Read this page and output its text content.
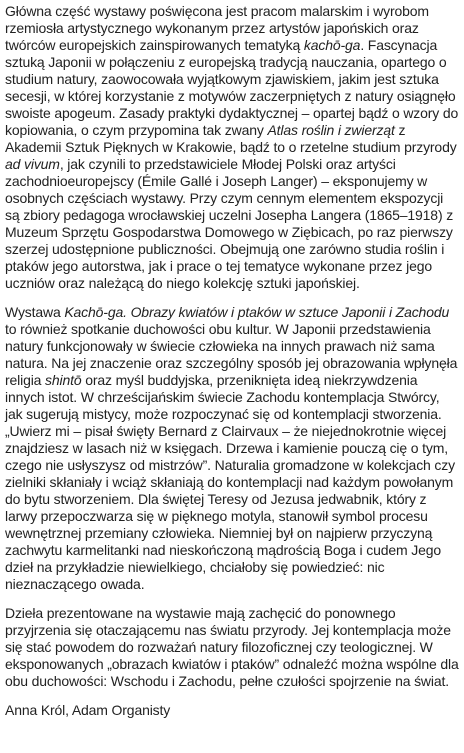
Główna część wystawy poświęcona jest pracom malarskim i wyrobom rzemiosła artystycznego wykonanym przez artystów japońskich oraz twórców europejskich zainspirowanych tematyką kachō-ga. Fascynacja sztuką Japonii w połączeniu z europejską tradycją nauczania, opartego o studium natury, zaowocowała wyjątkowym zjawiskiem, jakim jest sztuka secesji, w której korzystanie z motywów zaczerpniętych z natury osiągnęło swoiste apogeum. Zasady praktyki dydaktycznej – opartej bądź o wzory do kopiowania, o czym przypomina tak zwany Atlas roślin i zwierząt z Akademii Sztuk Pięknych w Krakowie, bądź to o rzetelne studium przyrody ad vivum, jak czynili to przedstawiciele Młodej Polski oraz artyści zachodnioeuropejscy (Émile Gallé i Joseph Langer) – eksponujemy w osobnych częściach wystawy. Przy czym cennym elementem ekspozycji są zbiory pedagoga wrocławskiej uczelni Josepha Langera (1865–1918) z Muzeum Sprzętu Gospodarstwa Domowego w Ziębicach, po raz pierwszy szerzej udostępnione publiczności. Obejmują one zarówno studia roślin i ptaków jego autorstwa, jak i prace o tej tematyce wykonane przez jego uczniów oraz należącą do niego kolekcję sztuki japońskiej.
Wystawa Kachō-ga. Obrazy kwiatów i ptaków w sztuce Japonii i Zachodu to również spotkanie duchowości obu kultur. W Japonii przedstawienia natury funkcjonowały w świecie człowieka na innych prawach niż sama natura. Na jej znaczenie oraz szczególny sposób jej obrazowania wpłynęła religia shintō oraz myśl buddyjska, przeniknięta ideą niekrzywdzenia innych istot. W chrześcijańskim świecie Zachodu kontemplacja Stwórcy, jak sugerują mistycy, może rozpoczynać się od kontemplacji stworzenia. „Uwierz mi – pisał święty Bernard z Clairvaux – że niejednokrotnie więcej znajdziesz w lasach niż w księgach. Drzewa i kamienie pouczą cię o tym, czego nie usłyszysz od mistrzów”. Naturalia gromadzone w kolekcjach czy zielniki skłaniały i wciąż skłaniają do kontemplacji nad każdym powołanym do bytu stworzeniem. Dla świętej Teresy od Jezusa jedwabnik, który z larwy przepoczwarza się w pięknego motyla, stanowił symbol procesu wewnętrznej przemiany człowieka. Niemniej był on najpierw przyczyną zachwytu karmelitanki nad nieskończoną mądrością Boga i cudem Jego dzieł na przykładzie niewielkiego, chciałoby się powiedzieć: nic nieznaczącego owada.
Dzieła prezentowane na wystawie mają zachęcić do ponownego przyjrzenia się otaczającemu nas światu przyrody. Jej kontemplacja może się stać powodem do rozważań natury filozoficznej czy teologicznej. W eksponowanych „obrazach kwiatów i ptaków” odnaleźć można wspólne dla obu duchowości: Wschodu i Zachodu, pełne czułości spojrzenie na świat.
Anna Król, Adam Organisty
